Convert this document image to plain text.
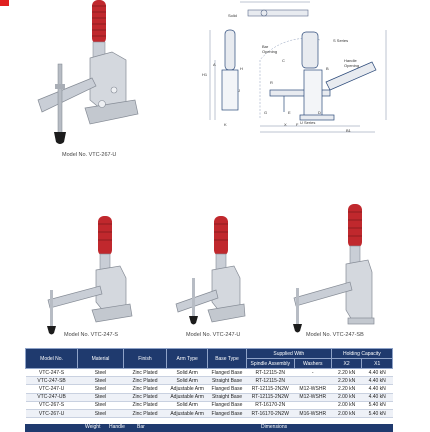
Model No. VTC-267-U
Solid
Bar Opening
Handle Opening
S Series
U Series
H1
A
H
K
J
R
B
C
E	D
F
G
X
B1
Model No. VTC-247-S	Model No. VTC-247-U	Model No. VTC-247-SB
Model No.	Material	Finish	Arm Type	Base Type	Supplied With		Holding Capacity	
					Spindle Assembly	Washers	X2	X1
VTC-247-S	Steel	Zinc Plated	Solid Arm	Flanged Base	RT-12115-2N	-	2.20 kN	4.40 kN
VTC-247-SB	Steel	Zinc Plated	Solid Arm	Straight Base	RT-12115-2N		2.20 kN	4.40 kN
VTC-247-U	Steel	Zinc Plated	Adjustable Arm	Flanged Base	RT-12115-2N2W	M12-WSHR	2.20 kN	4.40 kN
VTC-247-UB	Steel	Zinc Plated	Adjustable Arm	Straight Base	RT-12115-2N2W	M12-WSHR	2.00 kN	4.40 kN
VTC-267-S	Steel	Zinc Plated	Solid Arm	Flanged Base	RT-16170-2N		2.00 kN	5.40 kN
VTC-267-U	Steel	Zinc Plated	Adjustable Arm	Flanged Base	RT-16170-2N2W	M16-WSHR	2.00 kN	5.40 kN
Weight Handle Bar	Dimensions
